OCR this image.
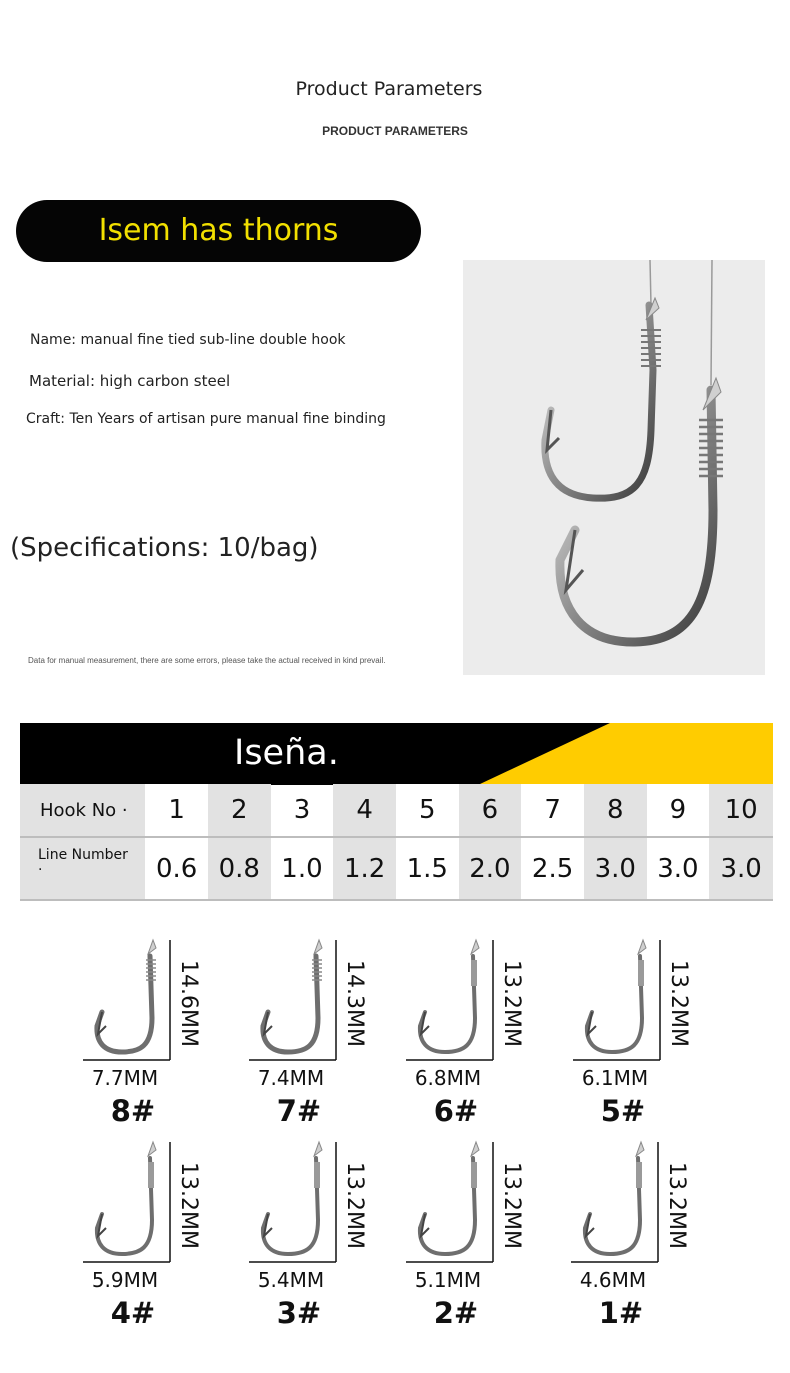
Product Parameters
PRODUCT PARAMETERS
Isem has thorns
Name: manual fine tied sub-line double hook
Material: high carbon steel
Craft: Ten Years of artisan pure manual fine binding
(Specifications: 10/bag)
Data for manual measurement, there are some errors, please take the actual received in kind prevail.
Iseña.
Hook No ·	1	2	3	4	5	6	7	8	9	10
Line Number
·	0.6	0.8	1.0	1.2	1.5	2.0	2.5	3.0	3.0	3.0
14.6MM
7.7MM
8#
14.3MM
7.4MM
7#
13.2MM
6.8MM
6#
13.2MM
6.1MM
5#
13.2MM
5.9MM
4#
13.2MM
5.4MM
3#
13.2MM
5.1MM
2#
13.2MM
4.6MM
1#
